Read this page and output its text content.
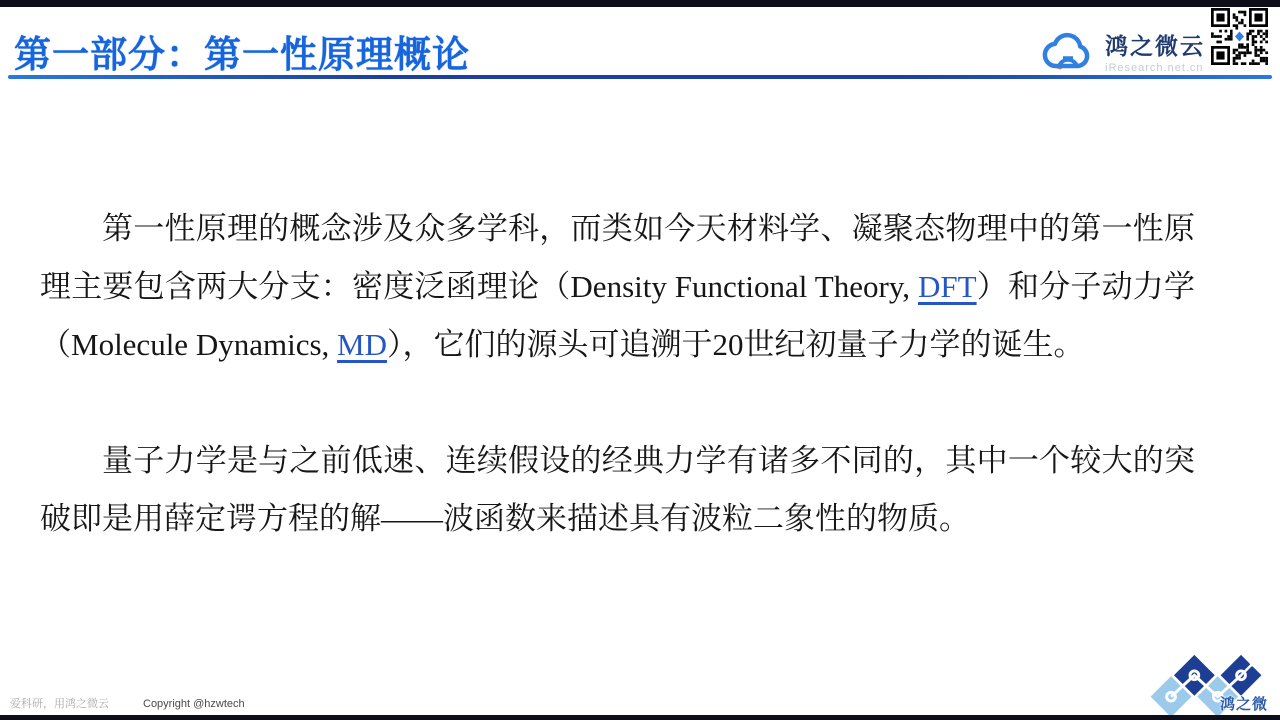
第一部分：第一性原理概论	鸿之微云
iResearch.net.cn

第一性原理的概念涉及众多学科，而类如今天材料学、凝聚态物理中的第一性原理主要包含两大分支：密度泛函理论（Density Functional Theory, DFT）和分子动力学（Molecule Dynamics, MD），它们的源头可追溯于20世纪初量子力学的诞生。

量子力学是与之前低速、连续假设的经典力学有诸多不同的，其中一个较大的突破即是用薛定谔方程的解——波函数来描述具有波粒二象性的物质。

爱科研，用鸿之微云	Copyright @hzwtech	鸿之微
